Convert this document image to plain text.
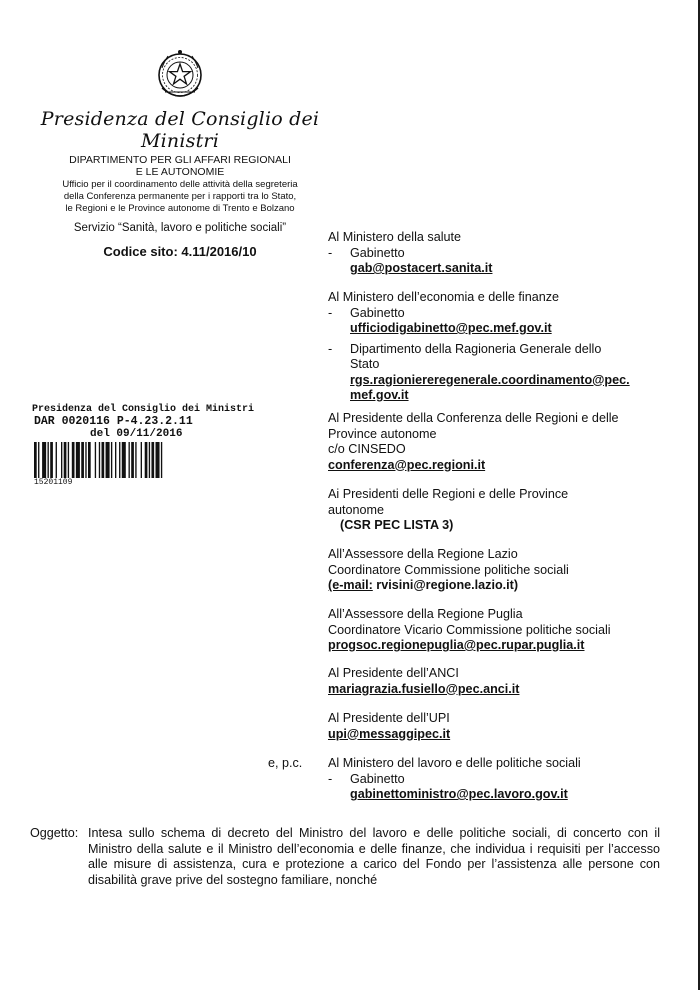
Presidenza del Consiglio dei Ministri
DIPARTIMENTO PER GLI AFFARI REGIONALI
E LE AUTONOMIE
Ufficio per il coordinamento delle attività della segreteria
della Conferenza permanente per i rapporti tra lo Stato,
le Regioni e le Province autonome di Trento e Bolzano
Servizio “Sanità, lavoro e politiche sociali”
Codice sito: 4.11/2016/10
Presidenza del Consiglio dei Ministri
DAR 0020116 P-4.23.2.11
del 09/11/2016
15201109

Al Ministero della salute

- Gabinetto

gab@postacert.sanita.it

Al Ministero dell’economia e delle finanze

- Gabinetto

ufficiodigabinetto@pec.mef.gov.it

- Dipartimento della Ragioneria Generale dello

Stato

rgs.ragioniereregenerale.coordinamento@pec.

mef.gov.it

Al Presidente della Conferenza delle Regioni e delle

Province autonome

c/o CINSEDO

conferenza@pec.regioni.it

Ai Presidenti delle Regioni e delle Province

autonome

(CSR PEC LISTA 3)

All’Assessore della Regione Lazio

Coordinatore Commissione politiche sociali

(e-mail: rvisini@regione.lazio.it)

All’Assessore della Regione Puglia

Coordinatore Vicario Commissione politiche sociali

progsoc.regionepuglia@pec.rupar.puglia.it

Al Presidente dell’ANCI

mariagrazia.fusiello@pec.anci.it

Al Presidente dell’UPI

upi@messaggipec.it

e, p.c. Al Ministero del lavoro e delle politiche sociali

- Gabinetto

gabinettoministro@pec.lavoro.gov.it

Oggetto: Intesa sullo schema di decreto del Ministro del lavoro e delle politiche sociali, di concerto con il Ministro della salute e il Ministro dell’economia e delle finanze, che individua i requisiti per l’accesso alle misure di assistenza, cura e protezione a carico del Fondo per l’assistenza alle persone con disabilità grave prive del sostegno familiare, nonché
